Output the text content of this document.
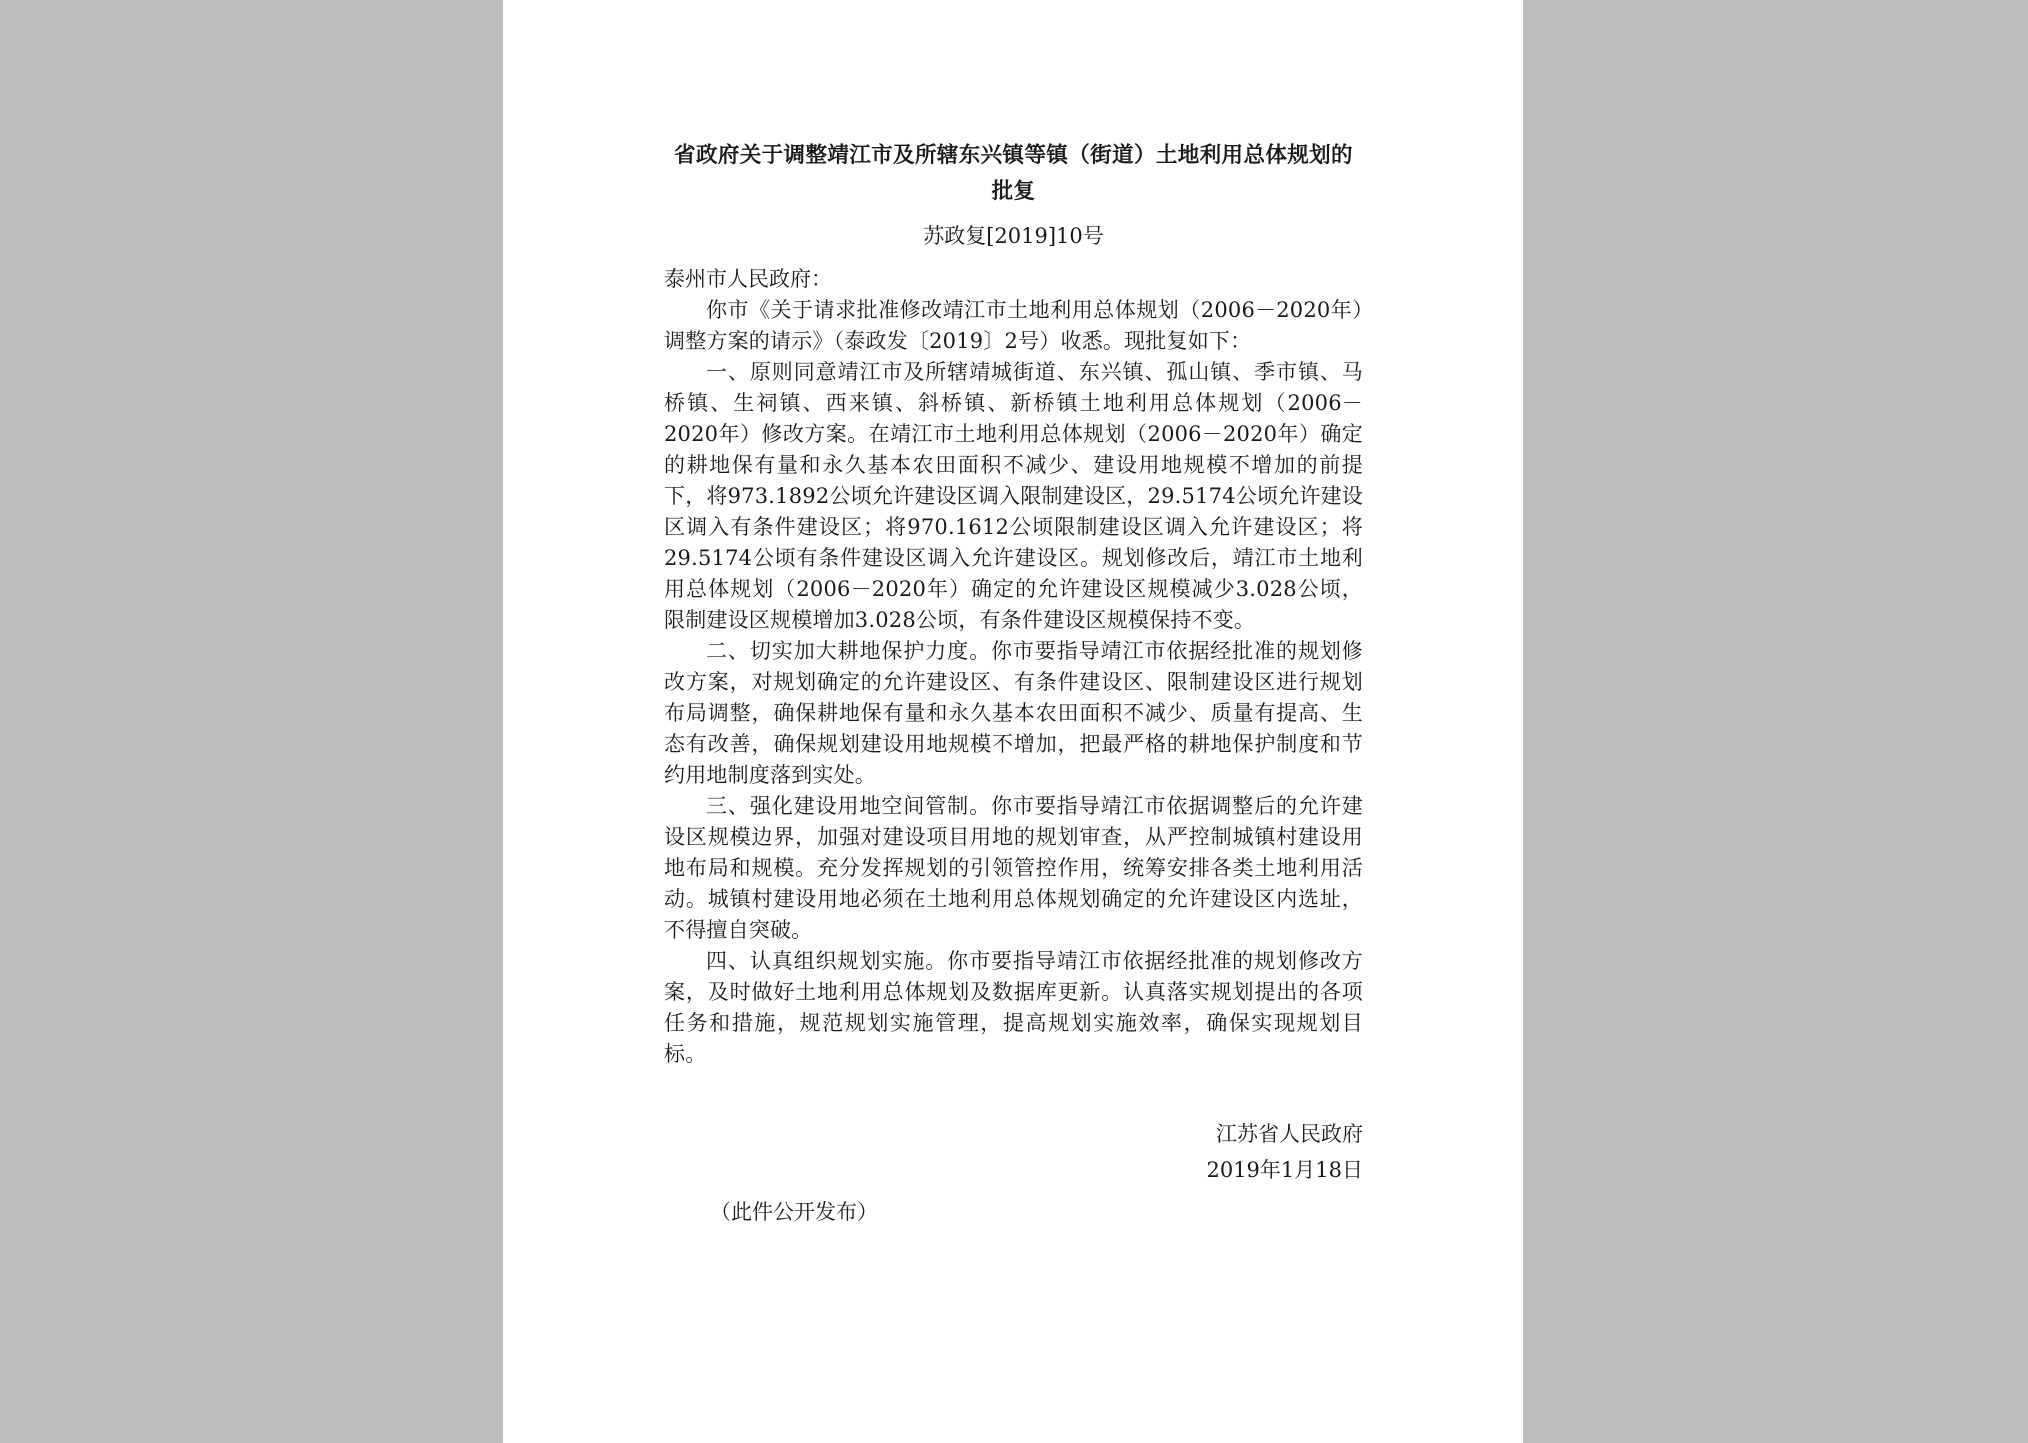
省政府关于调整靖江市及所辖东兴镇等镇（街道）土地利用总体规划的批复
苏政复[2019]10号

泰州市人民政府：

你市《关于请求批准修改靖江市土地利用总体规划（2006－2020年）调整方案的请示》（泰政发〔2019〕2号）收悉。现批复如下：

一、原则同意靖江市及所辖靖城街道、东兴镇、孤山镇、季市镇、马桥镇、生祠镇、西来镇、斜桥镇、新桥镇土地利用总体规划（2006－2020年）修改方案。在靖江市土地利用总体规划（2006－2020年）确定的耕地保有量和永久基本农田面积不减少、建设用地规模不增加的前提下，将973.1892公顷允许建设区调入限制建设区，29.5174公顷允许建设区调入有条件建设区；将970.1612公顷限制建设区调入允许建设区；将29.5174公顷有条件建设区调入允许建设区。规划修改后，靖江市土地利用总体规划（2006－2020年）确定的允许建设区规模减少3.028公顷，限制建设区规模增加3.028公顷，有条件建设区规模保持不变。

二、切实加大耕地保护力度。你市要指导靖江市依据经批准的规划修改方案，对规划确定的允许建设区、有条件建设区、限制建设区进行规划布局调整，确保耕地保有量和永久基本农田面积不减少、质量有提高、生态有改善，确保规划建设用地规模不增加，把最严格的耕地保护制度和节约用地制度落到实处。

三、强化建设用地空间管制。你市要指导靖江市依据调整后的允许建设区规模边界，加强对建设项目用地的规划审查，从严控制城镇村建设用地布局和规模。充分发挥规划的引领管控作用，统筹安排各类土地利用活动。城镇村建设用地必须在土地利用总体规划确定的允许建设区内选址，不得擅自突破。

四、认真组织规划实施。你市要指导靖江市依据经批准的规划修改方案，及时做好土地利用总体规划及数据库更新。认真落实规划提出的各项任务和措施，规范规划实施管理，提高规划实施效率，确保实现规划目标。

江苏省人民政府
2019年1月18日
（此件公开发布）
